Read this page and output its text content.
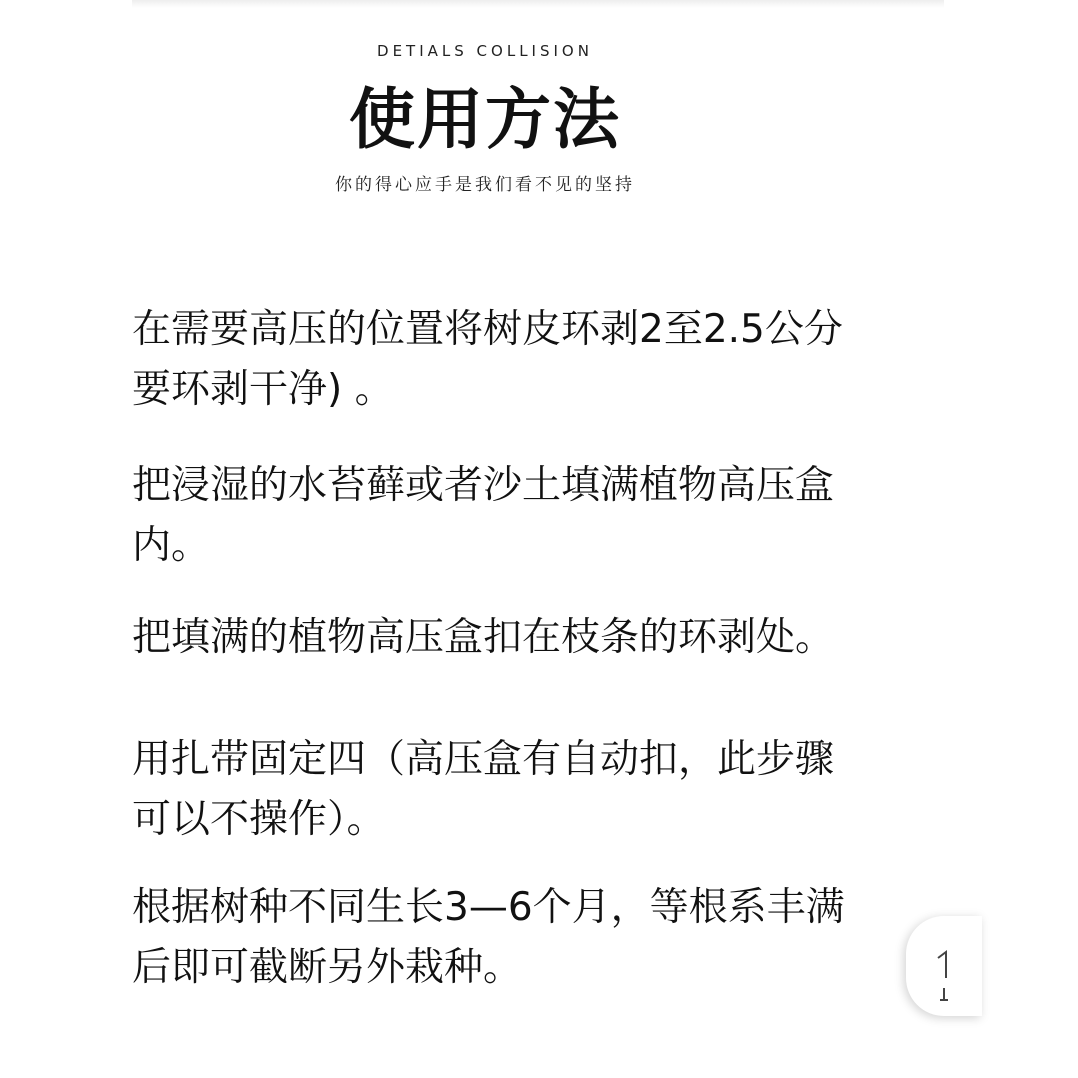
DETIALS COLLISION
使用方法
你的得心应手是我们看不见的坚持
在需要高压的位置将树皮环剥2至2.5公分
要环剥干净) 。
把浸湿的水苔藓或者沙土填满植物高压盒
内。
把填满的植物高压盒扣在枝条的环剥处。
用扎带固定四（高压盒有自动扣，此步骤
可以不操作）。
根据树种不同生长3—6个月，等根系丰满
后即可截断另外栽种。
